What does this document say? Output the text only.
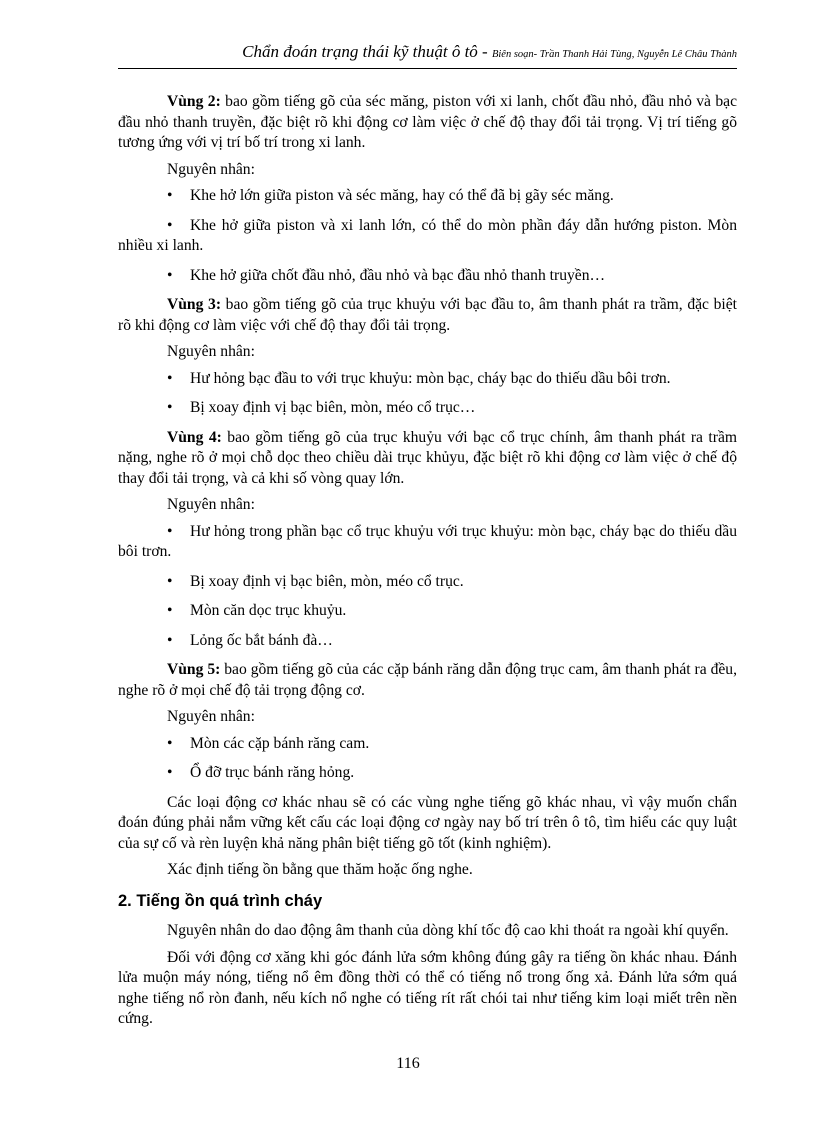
Chẩn đoán trạng thái kỹ thuật ô tô - Biên soạn- Trần Thanh Hải Tùng, Nguyễn Lê Châu Thành

Vùng 2: bao gồm tiếng gõ của séc măng, piston với xi lanh, chốt đầu nhỏ, đầu nhỏ và bạc đầu nhỏ thanh truyền, đặc biệt rõ khi động cơ làm việc ở chế độ thay đổi tải trọng. Vị trí tiếng gõ tương ứng với vị trí bố trí trong xi lanh.

Nguyên nhân:

• Khe hở lớn giữa piston và séc măng, hay có thể đã bị gãy séc măng.

• Khe hở giữa piston và xi lanh lớn, có thể do mòn phần đáy dẫn hướng piston. Mòn nhiều xi lanh.

• Khe hở giữa chốt đầu nhỏ, đầu nhỏ và bạc đầu nhỏ thanh truyền…

Vùng 3: bao gồm tiếng gõ của trục khuỷu với bạc đầu to, âm thanh phát ra trầm, đặc biệt rõ khi động cơ làm việc với chế độ thay đổi tải trọng.

Nguyên nhân:

• Hư hỏng bạc đầu to với trục khuỷu: mòn bạc, cháy bạc do thiếu dầu bôi trơn.

• Bị xoay định vị bạc biên, mòn, méo cổ trục…

Vùng 4: bao gồm tiếng gõ của trục khuỷu với bạc cổ trục chính, âm thanh phát ra trầm nặng, nghe rõ ở mọi chỗ dọc theo chiều dài trục khủyu, đặc biệt rõ khi động cơ làm việc ở chế độ thay đổi tải trọng, và cả khi số vòng quay lớn.

Nguyên nhân:

• Hư hỏng trong phần bạc cổ trục khuỷu với trục khuỷu: mòn bạc, cháy bạc do thiếu dầu bôi trơn.

• Bị xoay định vị bạc biên, mòn, méo cổ trục.

• Mòn căn dọc trục khuỷu.

• Lỏng ốc bắt bánh đà…

Vùng 5: bao gồm tiếng gõ của các cặp bánh răng dẫn động trục cam, âm thanh phát ra đều, nghe rõ ở mọi chế độ tải trọng động cơ.

Nguyên nhân:

• Mòn các cặp bánh răng cam.

• Ổ đỡ trục bánh răng hỏng.

Các loại động cơ khác nhau sẽ có các vùng nghe tiếng gõ khác nhau, vì vậy muốn chẩn đoán đúng phải nắm vững kết cấu các loại động cơ ngày nay bố trí trên ô tô, tìm hiểu các quy luật của sự cố và rèn luyện khả năng phân biệt tiếng gõ tốt (kinh nghiệm).

Xác định tiếng ồn bằng que thăm hoặc ống nghe.

2. Tiếng ồn quá trình cháy

Nguyên nhân do dao động âm thanh của dòng khí tốc độ cao khi thoát ra ngoài khí quyển.

Đối với động cơ xăng khi góc đánh lửa sớm không đúng gây ra tiếng ồn khác nhau. Đánh lửa muộn máy nóng, tiếng nổ êm đồng thời có thể có tiếng nổ trong ống xả. Đánh lửa sớm quá nghe tiếng nổ ròn đanh, nếu kích nổ nghe có tiếng rít rất chói tai như tiếng kim loại miết trên nền cứng.

116
